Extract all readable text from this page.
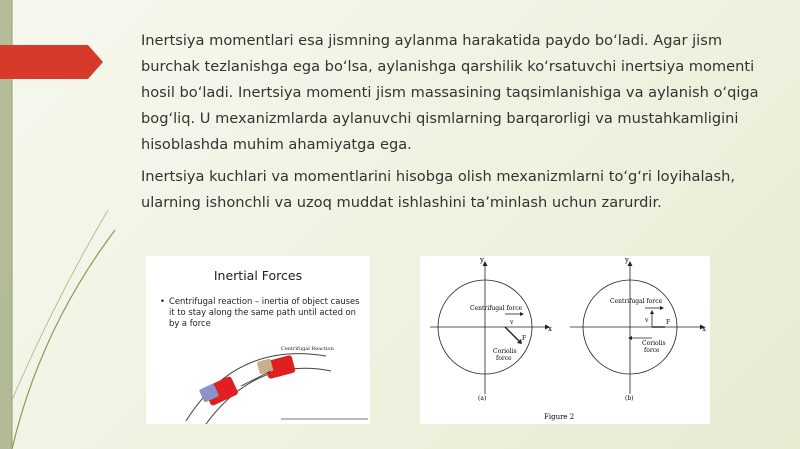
Inertsiya momentlari esa jismning aylanma harakatida paydo bo‘ladi. Agar jism burchak tezlanishga ega bo‘lsa, aylanishga qarshilik ko‘rsatuvchi inertsiya momenti hosil bo‘ladi. Inertsiya momenti jism massasining taqsimlanishiga va aylanish o‘qiga bog‘liq. U mexanizmlarda aylanuvchi qismlarning barqarorligi va mustahkamligini hisoblashda muhim ahamiyatga ega.
Inertsiya kuchlari va momentlarini hisobga olish mexanizmlarni to‘g‘ri loyihalash, ularning ishonchli va uzoq muddat ishlashini ta’minlash uchun zarurdir.
Inertial Forces
• Centrifugal reaction – inertia of object causes it to stay along the same path until acted on by a force
Centrifugal Reaction
y
x
Centrifugal force
v
F
Coriolis
force
(a)
y
x
Centrifugal force
v	F
Coriolis
force
(b)
Figure 2
